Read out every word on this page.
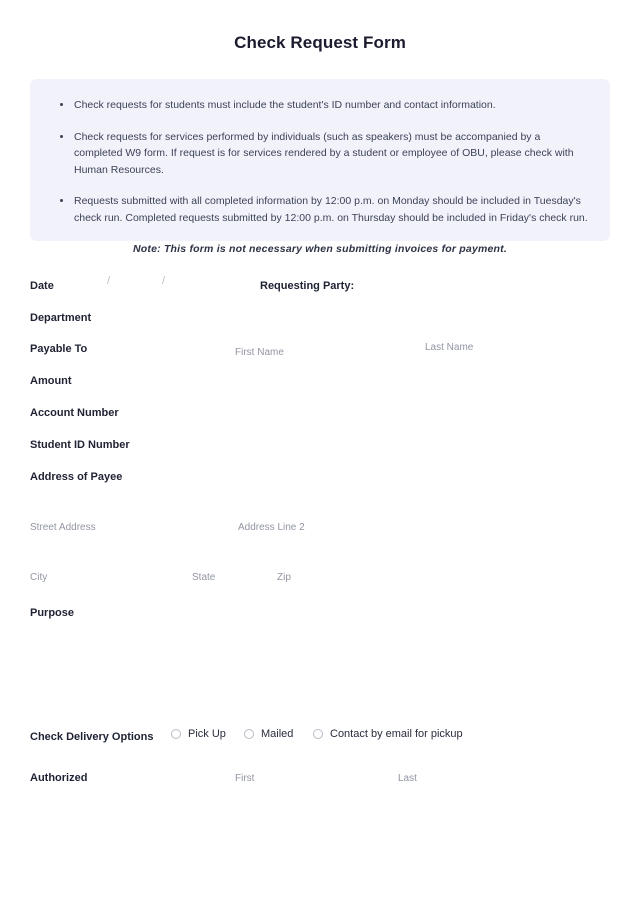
Check Request Form
Check requests for students must include the student's ID number and contact information.
Check requests for services performed by individuals (such as speakers) must be accompanied by a completed W9 form. If request is for services rendered by a student or employee of OBU, please check with Human Resources.
Requests submitted with all completed information by 12:00 p.m. on Monday should be included in Tuesday's check run. Completed requests submitted by 12:00 p.m. on Thursday should be included in Friday's check run.
Note: This form is not necessary when submitting invoices for payment.
Date	/	/	Requesting Party:
Department
Payable To	First Name	Last Name
Amount
Account Number
Student ID Number
Address of Payee
Street Address	Address Line 2
City	State	Zip
Purpose
Check Delivery Options	Pick Up	Mailed	Contact by email for pickup
Authorized	First	Last
